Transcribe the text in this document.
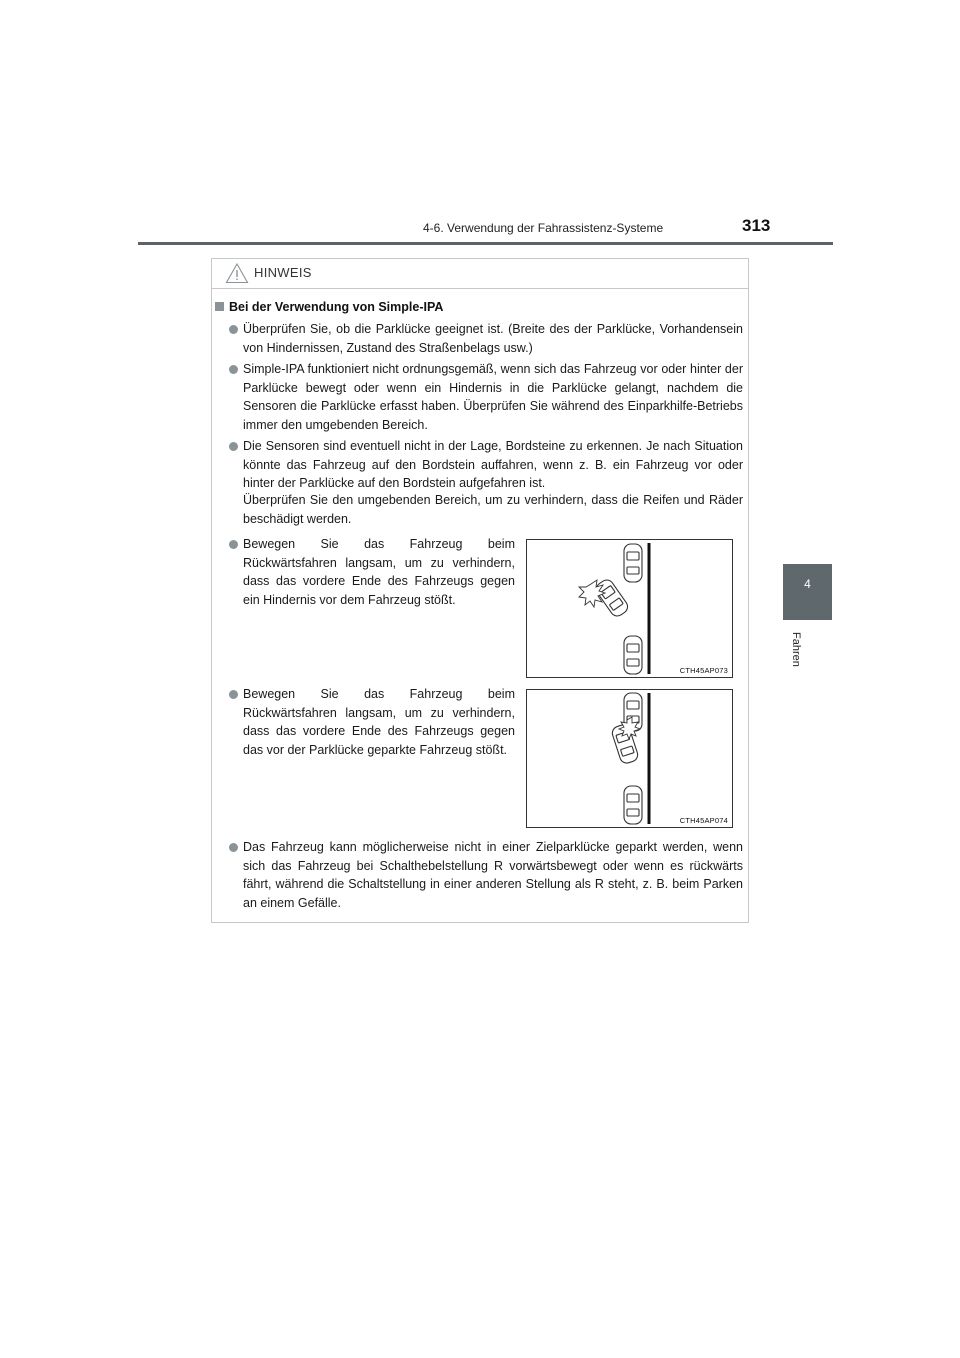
4-6. Verwendung der Fahrassistenz-Systeme	313
4
Fahren
HINWEIS
Bei der Verwendung von Simple-IPA
Überprüfen Sie, ob die Parklücke geeignet ist. (Breite des der Parklücke, Vorhandensein von Hindernissen, Zustand des Straßenbelags usw.)
Simple-IPA funktioniert nicht ordnungsgemäß, wenn sich das Fahrzeug vor oder hinter der Parklücke bewegt oder wenn ein Hindernis in die Parklücke gelangt, nachdem die Sensoren die Parklücke erfasst haben. Überprüfen Sie während des Einparkhilfe-Betriebs immer den umgebenden Bereich.
Die Sensoren sind eventuell nicht in der Lage, Bordsteine zu erkennen. Je nach Situation könnte das Fahrzeug auf den Bordstein auffahren, wenn z. B. ein Fahrzeug vor oder hinter der Parklücke auf den Bordstein aufgefahren ist.
Überprüfen Sie den umgebenden Bereich, um zu verhindern, dass die Reifen und Räder beschädigt werden.
Bewegen Sie das Fahrzeug beim Rückwärtsfahren langsam, um zu verhindern, dass das vordere Ende des Fahrzeugs gegen ein Hindernis vor dem Fahrzeug stößt.
CTH45AP073
Bewegen Sie das Fahrzeug beim Rückwärtsfahren langsam, um zu verhindern, dass das vordere Ende des Fahrzeugs gegen das vor der Parklücke geparkte Fahrzeug stößt.
CTH45AP074
Das Fahrzeug kann möglicherweise nicht in einer Zielparklücke geparkt werden, wenn sich das Fahrzeug bei Schalthebelstellung R vorwärtsbewegt oder wenn es rückwärts fährt, während die Schaltstellung in einer anderen Stellung als R steht, z. B. beim Parken an einem Gefälle.
